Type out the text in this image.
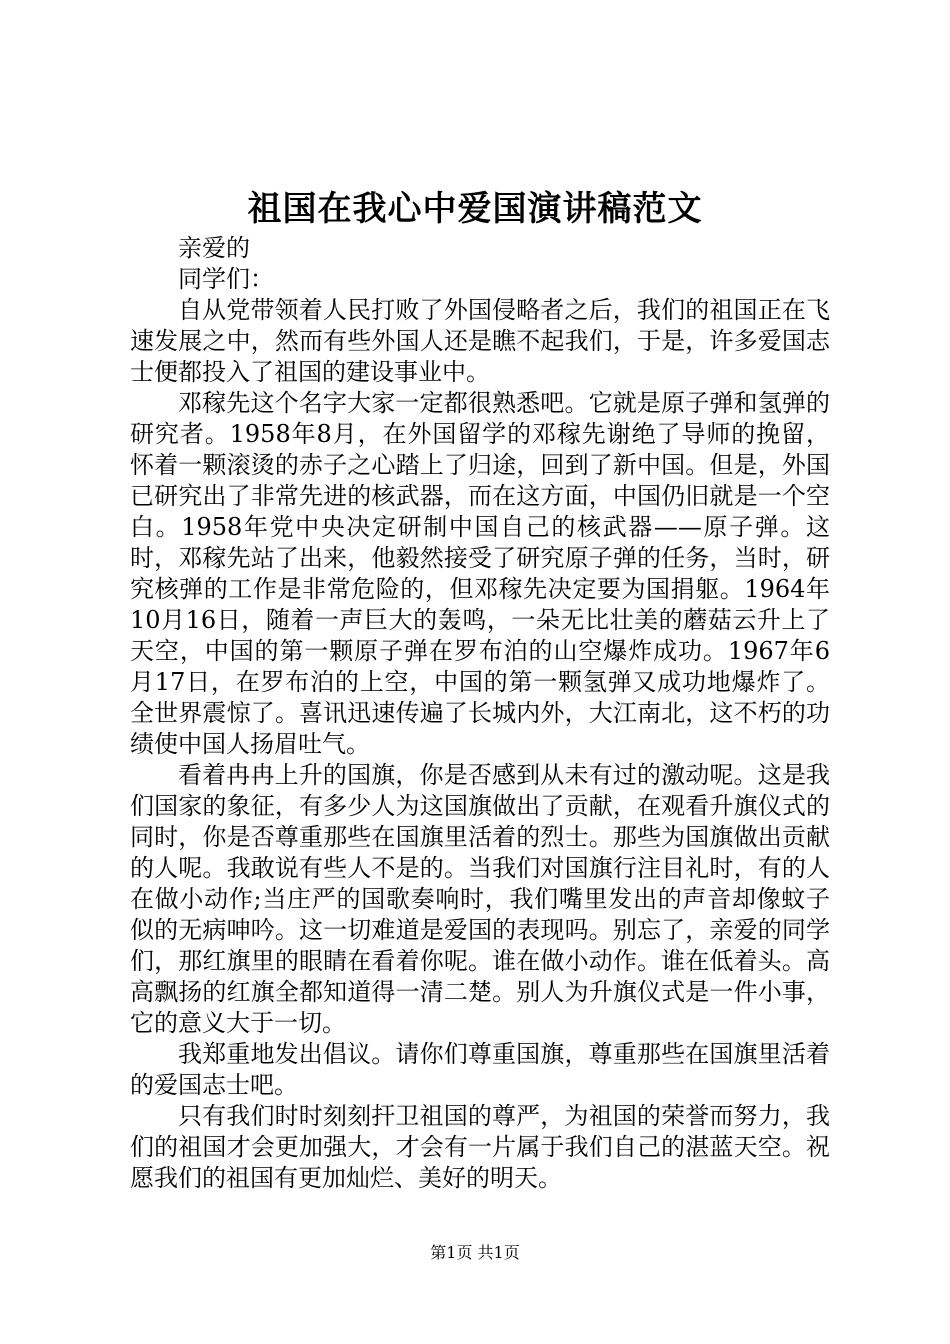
祖国在我心中爱国演讲稿范文

亲爱的

同学们：

自从党带领着人民打败了外国侵略者之后，我们的祖国正在飞速发展之中，然而有些外国人还是瞧不起我们，于是，许多爱国志士便都投入了祖国的建设事业中。

邓稼先这个名字大家一定都很熟悉吧。它就是原子弹和氢弹的研究者。1958年8月，在外国留学的邓稼先谢绝了导师的挽留，怀着一颗滚烫的赤子之心踏上了归途，回到了新中国。但是，外国已研究出了非常先进的核武器，而在这方面，中国仍旧就是一个空白。1958年党中央决定研制中国自己的核武器——原子弹。这时，邓稼先站了出来，他毅然接受了研究原子弹的任务，当时，研究核弹的工作是非常危险的，但邓稼先决定要为国捐躯。1964年10月16日，随着一声巨大的轰鸣，一朵无比壮美的蘑菇云升上了天空，中国的第一颗原子弹在罗布泊的山空爆炸成功。1967年6月17日，在罗布泊的上空，中国的第一颗氢弹又成功地爆炸了。全世界震惊了。喜讯迅速传遍了长城内外，大江南北，这不朽的功绩使中国人扬眉吐气。

看着冉冉上升的国旗，你是否感到从未有过的激动呢。这是我们国家的象征，有多少人为这国旗做出了贡献，在观看升旗仪式的同时，你是否尊重那些在国旗里活着的烈士。那些为国旗做出贡献的人呢。我敢说有些人不是的。当我们对国旗行注目礼时，有的人在做小动作;当庄严的国歌奏响时，我们嘴里发出的声音却像蚊子似的无病呻吟。这一切难道是爱国的表现吗。别忘了，亲爱的同学们，那红旗里的眼睛在看着你呢。谁在做小动作。谁在低着头。高高飘扬的红旗全都知道得一清二楚。别人为升旗仪式是一件小事，它的意义大于一切。

我郑重地发出倡议。请你们尊重国旗，尊重那些在国旗里活着的爱国志士吧。

只有我们时时刻刻扞卫祖国的尊严，为祖国的荣誉而努力，我们的祖国才会更加强大，才会有一片属于我们自己的湛蓝天空。祝愿我们的祖国有更加灿烂、美好的明天。

第1页 共1页
